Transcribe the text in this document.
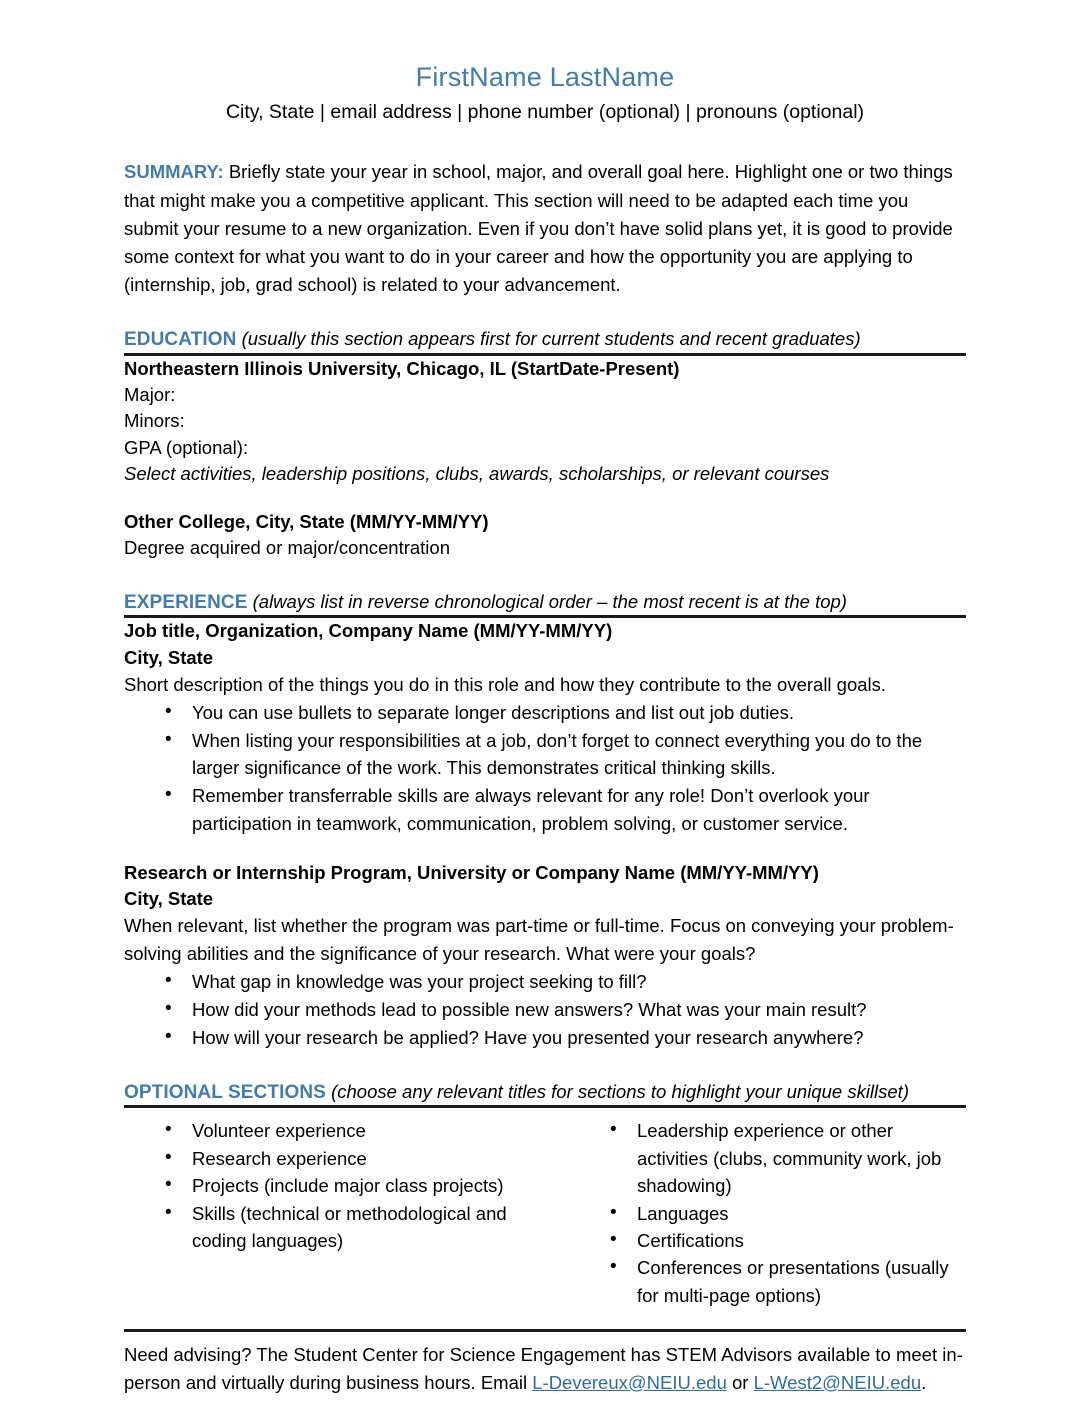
FirstName LastName
City, State | email address | phone number (optional) | pronouns (optional)
SUMMARY: Briefly state your year in school, major, and overall goal here. Highlight one or two things that might make you a competitive applicant. This section will need to be adapted each time you submit your resume to a new organization. Even if you don’t have solid plans yet, it is good to provide some context for what you want to do in your career and how the opportunity you are applying to (internship, job, grad school) is related to your advancement.
EDUCATION (usually this section appears first for current students and recent graduates)
Northeastern Illinois University, Chicago, IL (StartDate-Present)
Major:
Minors:
GPA (optional):
Select activities, leadership positions, clubs, awards, scholarships, or relevant courses
Other College, City, State (MM/YY-MM/YY)
Degree acquired or major/concentration
EXPERIENCE (always list in reverse chronological order – the most recent is at the top)
Job title, Organization, Company Name (MM/YY-MM/YY)
City, State
Short description of the things you do in this role and how they contribute to the overall goals.
• You can use bullets to separate longer descriptions and list out job duties.
• When listing your responsibilities at a job, don’t forget to connect everything you do to the larger significance of the work. This demonstrates critical thinking skills.
• Remember transferrable skills are always relevant for any role! Don’t overlook your participation in teamwork, communication, problem solving, or customer service.
Research or Internship Program, University or Company Name (MM/YY-MM/YY)
City, State
When relevant, list whether the program was part-time or full-time. Focus on conveying your problem-solving abilities and the significance of your research. What were your goals?
• What gap in knowledge was your project seeking to fill?
• How did your methods lead to possible new answers? What was your main result?
• How will your research be applied? Have you presented your research anywhere?
OPTIONAL SECTIONS (choose any relevant titles for sections to highlight your unique skillset)
• Volunteer experience
• Research experience
• Projects (include major class projects)
• Skills (technical or methodological and coding languages)
• Leadership experience or other activities (clubs, community work, job shadowing)
• Languages
• Certifications
• Conferences or presentations (usually for multi-page options)
Need advising? The Student Center for Science Engagement has STEM Advisors available to meet in-person and virtually during business hours. Email L-Devereux@NEIU.edu or L-West2@NEIU.edu.
